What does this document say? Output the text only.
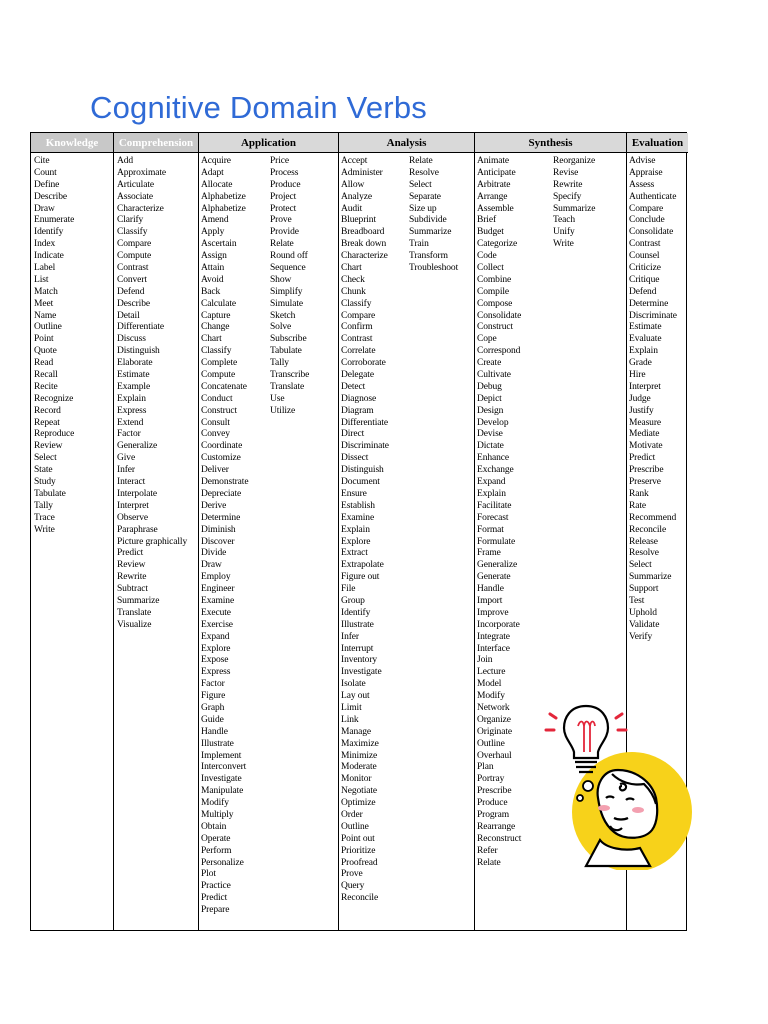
Cognitive Domain Verbs
Knowledge
Cite
Count
Define
Describe
Draw
Enumerate
Identify
Index
Indicate
Label
List
Match
Meet
Name
Outline
Point
Quote
Read
Recall
Recite
Recognize
Record
Repeat
Reproduce
Review
Select
State
Study
Tabulate
Tally
Trace
Write
Comprehension
Add
Approximate
Articulate
Associate
Characterize
Clarify
Classify
Compare
Compute
Contrast
Convert
Defend
Describe
Detail
Differentiate
Discuss
Distinguish
Elaborate
Estimate
Example
Explain
Express
Extend
Factor
Generalize
Give
Infer
Interact
Interpolate
Interpret
Observe
Paraphrase
Picture graphically
Predict
Review
Rewrite
Subtract
Summarize
Translate
Visualize
Application
Acquire
Adapt
Allocate
Alphabetize
Alphabetize
Amend
Apply
Ascertain
Assign
Attain
Avoid
Back
Calculate
Capture
Change
Chart
Classify
Complete
Compute
Concatenate
Conduct
Construct
Consult
Convey
Coordinate
Customize
Deliver
Demonstrate
Depreciate
Derive
Determine
Diminish
Discover
Divide
Draw
Employ
Engineer
Examine
Execute
Exercise
Expand
Explore
Expose
Express
Factor
Figure
Graph
Guide
Handle
Illustrate
Implement
Interconvert
Investigate
Manipulate
Modify
Multiply
Obtain
Operate
Perform
Personalize
Plot
Practice
Predict
Prepare
Price
Process
Produce
Project
Protect
Prove
Provide
Relate
Round off
Sequence
Show
Simplify
Simulate
Sketch
Solve
Subscribe
Tabulate
Tally
Transcribe
Translate
Use
Utilize
Analysis
Accept
Administer
Allow
Analyze
Audit
Blueprint
Breadboard
Break down
Characterize
Chart
Check
Chunk
Classify
Compare
Confirm
Contrast
Correlate
Corroborate
Delegate
Detect
Diagnose
Diagram
Differentiate
Direct
Discriminate
Dissect
Distinguish
Document
Ensure
Establish
Examine
Explain
Explore
Extract
Extrapolate
Figure out
File
Group
Identify
Illustrate
Infer
Interrupt
Inventory
Investigate
Isolate
Lay out
Limit
Link
Manage
Maximize
Minimize
Moderate
Monitor
Negotiate
Optimize
Order
Outline
Point out
Prioritize
Proofread
Prove
Query
Reconcile
Relate
Resolve
Select
Separate
Size up
Subdivide
Summarize
Train
Transform
Troubleshoot
Synthesis
Animate
Anticipate
Arbitrate
Arrange
Assemble
Brief
Budget
Categorize
Code
Collect
Combine
Compile
Compose
Consolidate
Construct
Cope
Correspond
Create
Cultivate
Debug
Depict
Design
Develop
Devise
Dictate
Enhance
Exchange
Expand
Explain
Facilitate
Forecast
Format
Formulate
Frame
Generalize
Generate
Handle
Import
Improve
Incorporate
Integrate
Interface
Join
Lecture
Model
Modify
Network
Organize
Originate
Outline
Overhaul
Plan
Portray
Prescribe
Produce
Program
Rearrange
Reconstruct
Refer
Relate
Reorganize
Revise
Rewrite
Specify
Summarize
Teach
Unify
Write
Evaluation
Advise
Appraise
Assess
Authenticate
Compare
Conclude
Consolidate
Contrast
Counsel
Criticize
Critique
Defend
Determine
Discriminate
Estimate
Evaluate
Explain
Grade
Hire
Interpret
Judge
Justify
Measure
Mediate
Motivate
Predict
Prescribe
Preserve
Rank
Rate
Recommend
Reconcile
Release
Resolve
Select
Summarize
Support
Test
Uphold
Validate
Verify
